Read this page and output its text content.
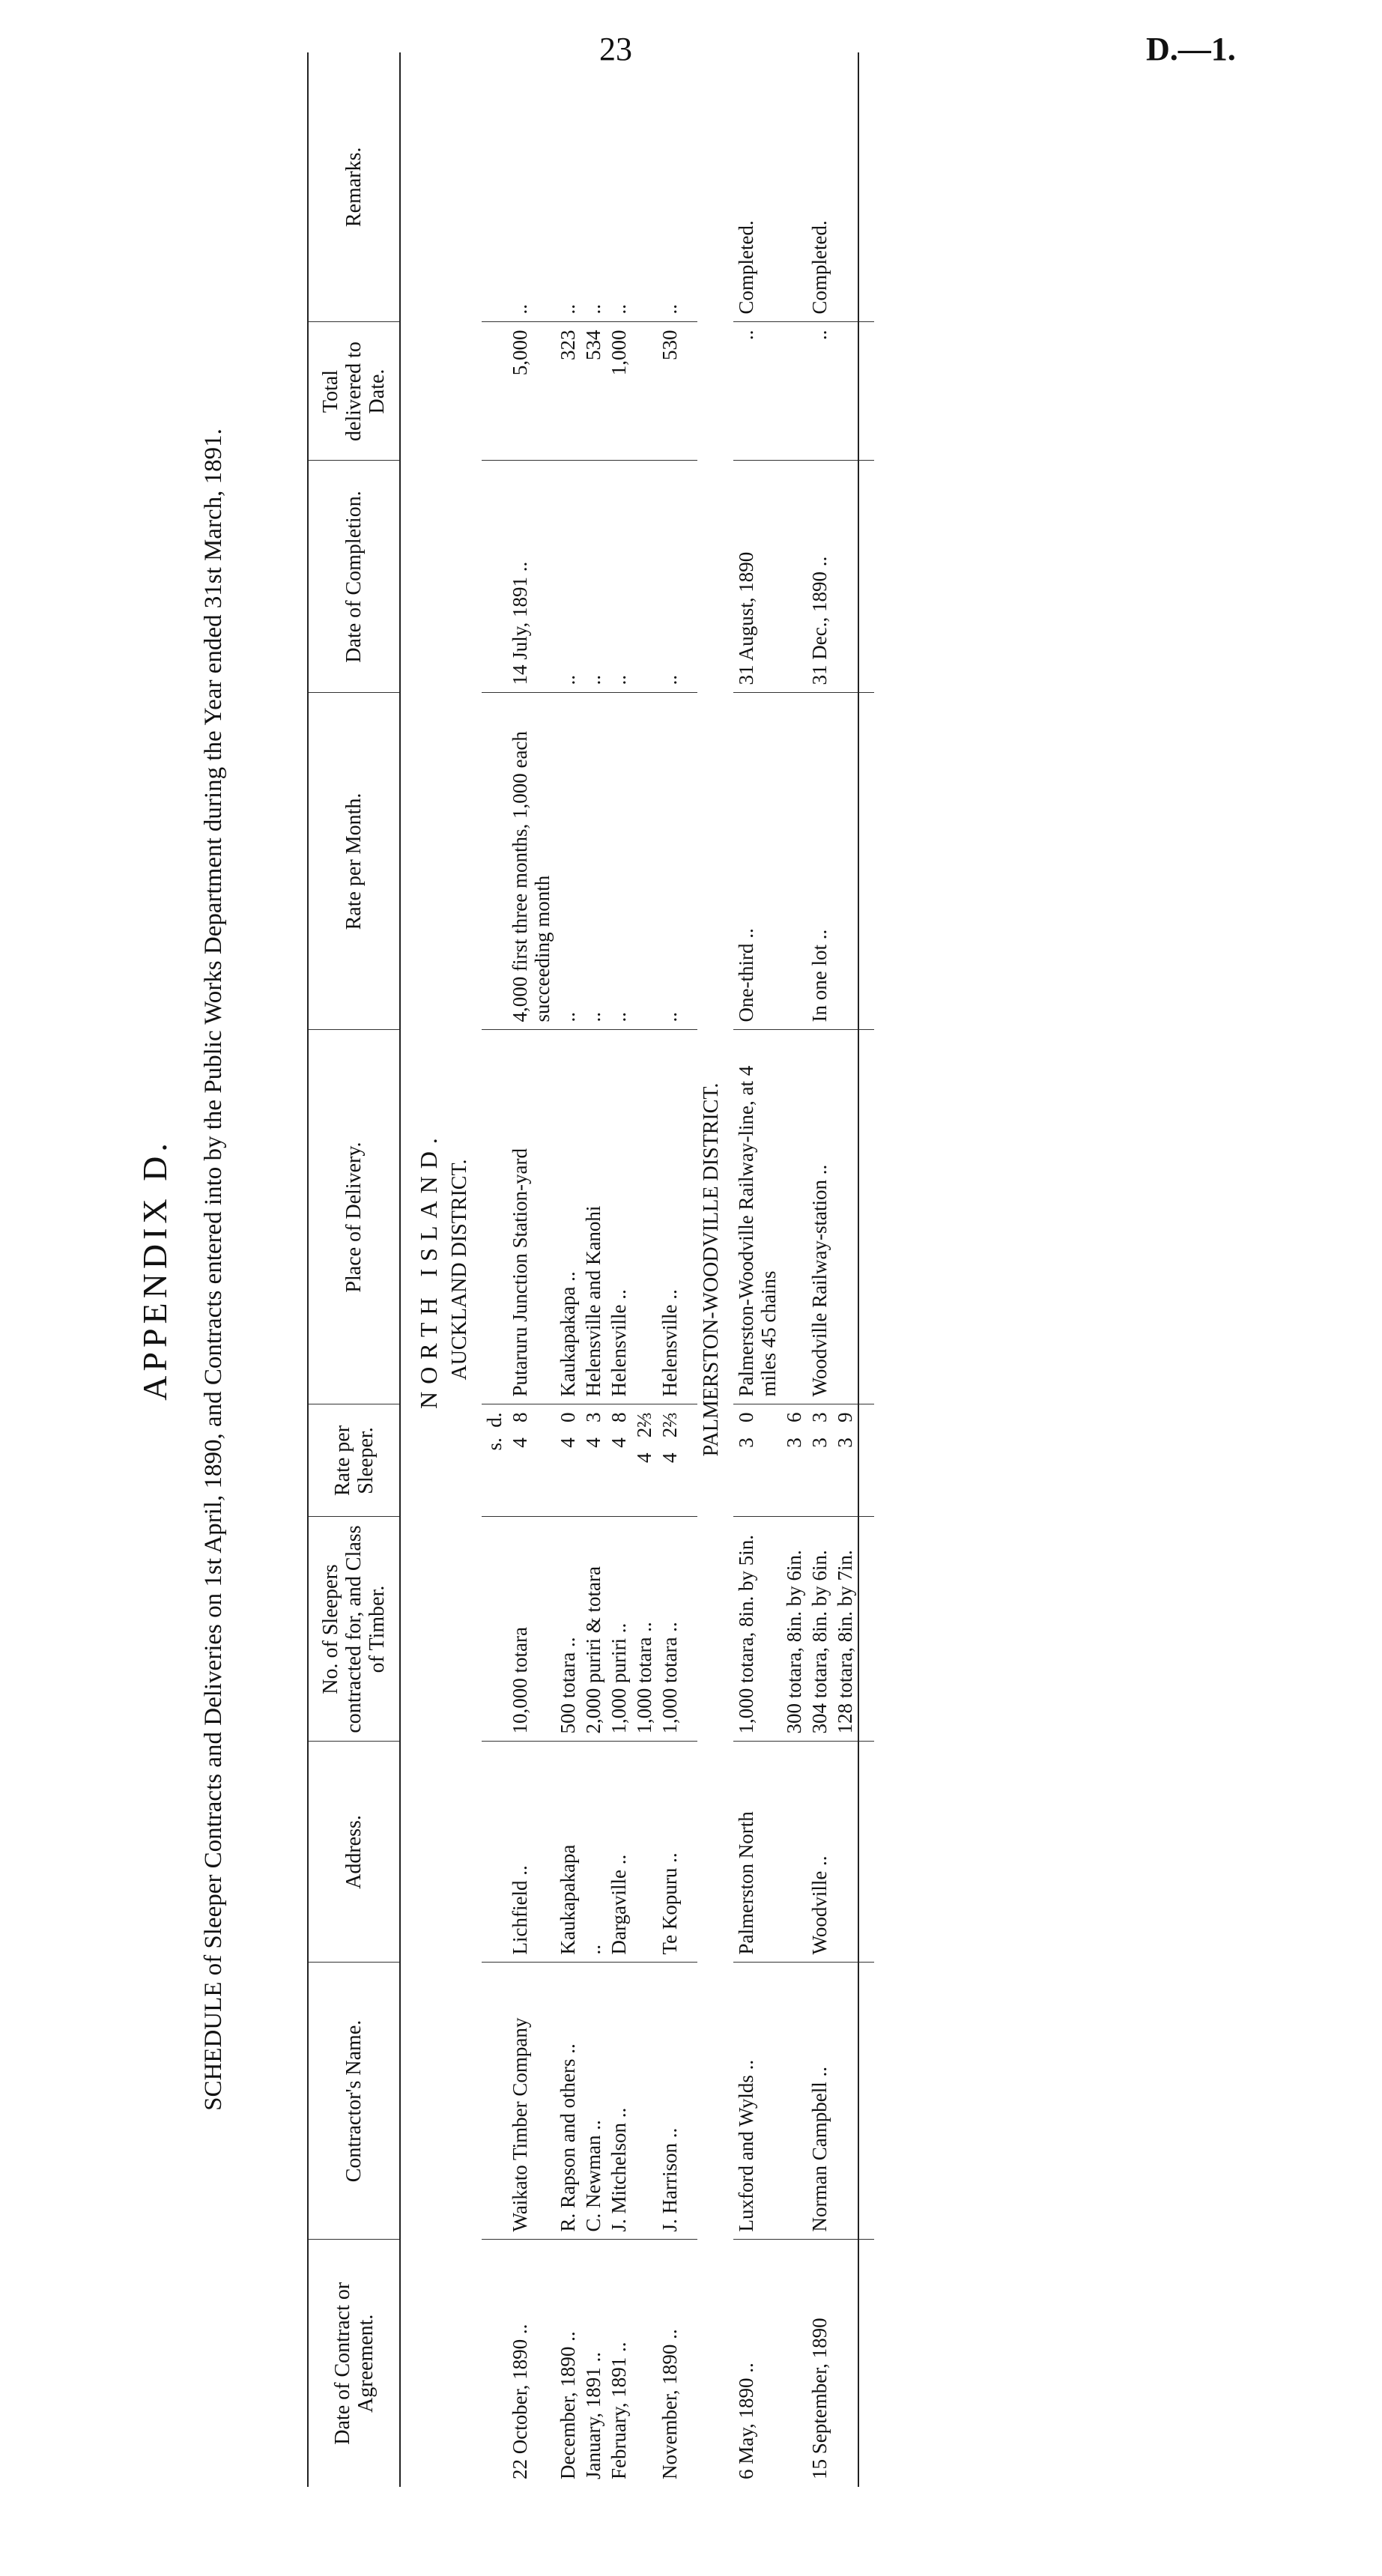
23	D.—1.
APPENDIX D. SCHEDULE of Sleeper Contracts and Deliveries on 1st April, 1890, and Contracts entered into by the Public Works Department during the Year ended 31st March, 1891.
Date of Contract or Agreement.	Contractor's Name.	Address.	No. of Sleepers contracted for, and Class of Timber.	Rate per Sleeper.	Place of Delivery.	Rate per Month.	Date of Completion.	Total delivered to Date.	Remarks.
NORTH ISLAND.									
AUCKLAND DISTRICT.									
				s.  d.					
22 October, 1890 ..	Waikato Timber Company	Lichfield ..	10,000 totara	4   8	Putaruru Junction Station-yard	4,000 first three months, 1,000 each succeeding month	14 July, 1891 ..	5,000	..
December, 1890 ..	R. Rapson and others ..	Kaukapakapa	500 totara ..	4   0	Kaukapakapa ..	..	..	323	..
January, 1891 ..	C. Newman ..	..	2,000 puriri & totara	4   3	Helensville and Kanohi	..	..	534	..
February, 1891 ..	J. Mitchelson ..	Dargaville ..	1,000 puriri ..	4   8	Helensville ..	..	..	1,000	..
			1,000 totara ..	4   2⅔					
November, 1890 ..	J. Harrison ..	Te Kopuru ..	1,000 totara ..	4   2⅔	Helensville ..	..	..	530	..

PALMERSTON-WOODVILLE DISTRICT.									
6 May, 1890 ..	Luxford and Wylds ..	Palmerston North	1,000 totara, 8in. by 5in.	3   0	Palmerston-Woodville Railway-line, at 4 miles 45 chains	One-third ..	31 August, 1890	..	Completed.
			300 totara, 8in. by 6in.	3   6					
15 September, 1890	Norman Campbell ..	Woodville ..	304 totara, 8in. by 6in.	3   3	Woodville Railway-station ..	In one lot ..	31 Dec., 1890 ..	..	Completed.
			128 totara, 8in. by 7in.	3   9					
